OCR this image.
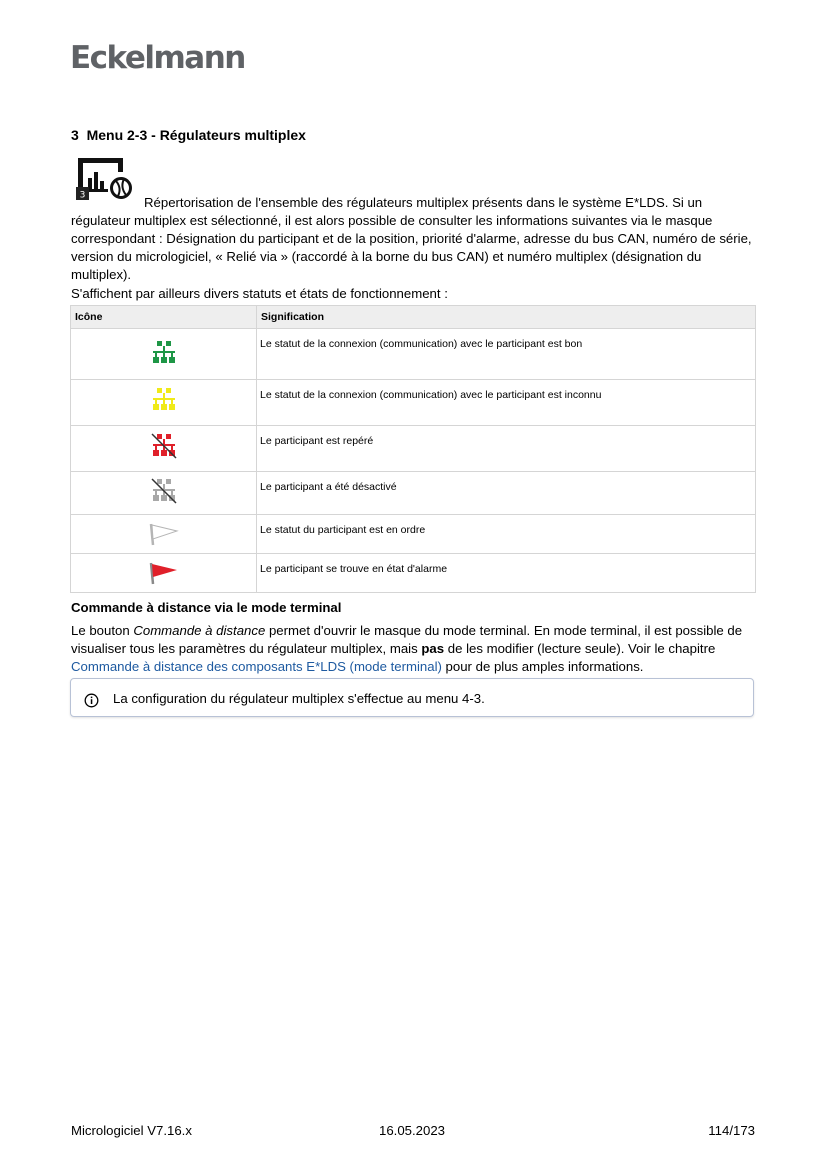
Eckelmann
3 Menu 2-3 - Régulateurs multiplex
3	Répertorisation de l'ensemble des régulateurs multiplex présents dans le système E*LDS. Si un régulateur multiplex est sélectionné, il est alors possible de consulter les informations suivantes via le masque correspondant : Désignation du participant et de la position, priorité d'alarme, adresse du bus CAN, numéro de série, version du micrologiciel, « Relié via » (raccordé à la borne du bus CAN) et numéro multiplex (désignation du multiplex).

S'affichent par ailleurs divers statuts et états de fonctionnement :

Icône	Signification

	Le statut de la connexion (communication) avec le participant est bon

	Le statut de la connexion (communication) avec le participant est inconnu

	Le participant est repéré

	Le participant a été désactivé

	Le statut du participant est en ordre

	Le participant se trouve en état d'alarme
Commande à distance via le mode terminal

Le bouton Commande à distance permet d'ouvrir le masque du mode terminal. En mode terminal, il est possible de visualiser tous les paramètres du régulateur multiplex, mais pas de les modifier (lecture seule). Voir le chapitre Commande à distance des composants E*LDS (mode terminal) pour de plus amples informations.

La configuration du régulateur multiplex s'effectue au menu 4-3.
Micrologiciel V7.16.x	16.05.2023	114/173
